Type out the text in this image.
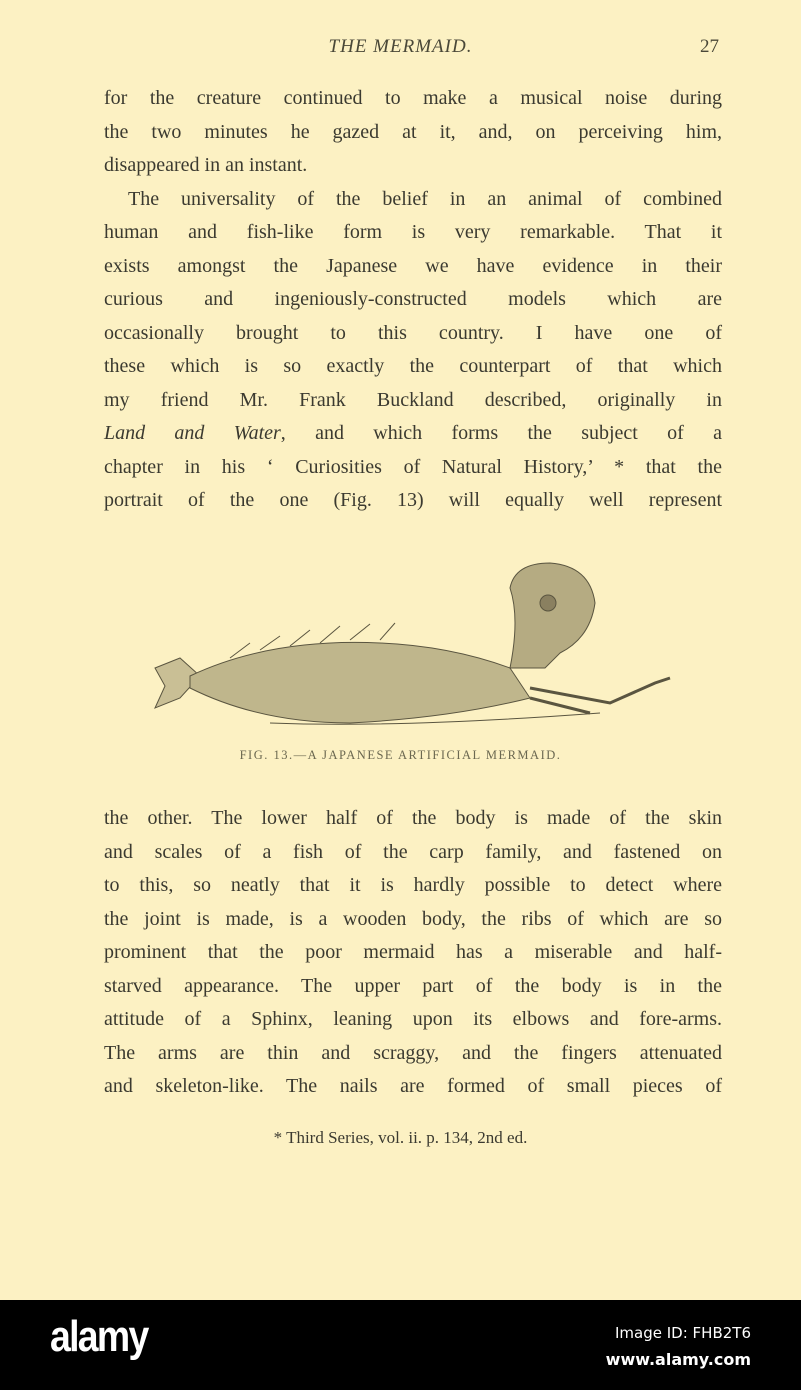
THE MERMAID.	27
for the creature continued to make a musical noise during
the two minutes he gazed at it, and, on perceiving him,
disappeared in an instant.
The universality of the belief in an animal of combined
human and fish-like form is very remarkable. That it
exists amongst the Japanese we have evidence in their
curious and ingeniously-constructed models which are
occasionally brought to this country. I have one of
these which is so exactly the counterpart of that which
my friend Mr. Frank Buckland described, originally in
Land and Water, and which forms the subject of a
chapter in his ‘ Curiosities of Natural History,’ * that the
portrait of the one (Fig. 13) will equally well represent
FIG. 13.—A JAPANESE ARTIFICIAL MERMAID.
the other. The lower half of the body is made of the skin
and scales of a fish of the carp family, and fastened on
to this, so neatly that it is hardly possible to detect where
the joint is made, is a wooden body, the ribs of which are so
prominent that the poor mermaid has a miserable and half-
starved appearance. The upper part of the body is in the
attitude of a Sphinx, leaning upon its elbows and fore-arms.
The arms are thin and scraggy, and the fingers attenuated
and skeleton-like. The nails are formed of small pieces of
* Third Series, vol. ii. p. 134, 2nd ed.
alamy	Image ID: FHB2T6
www.alamy.com
